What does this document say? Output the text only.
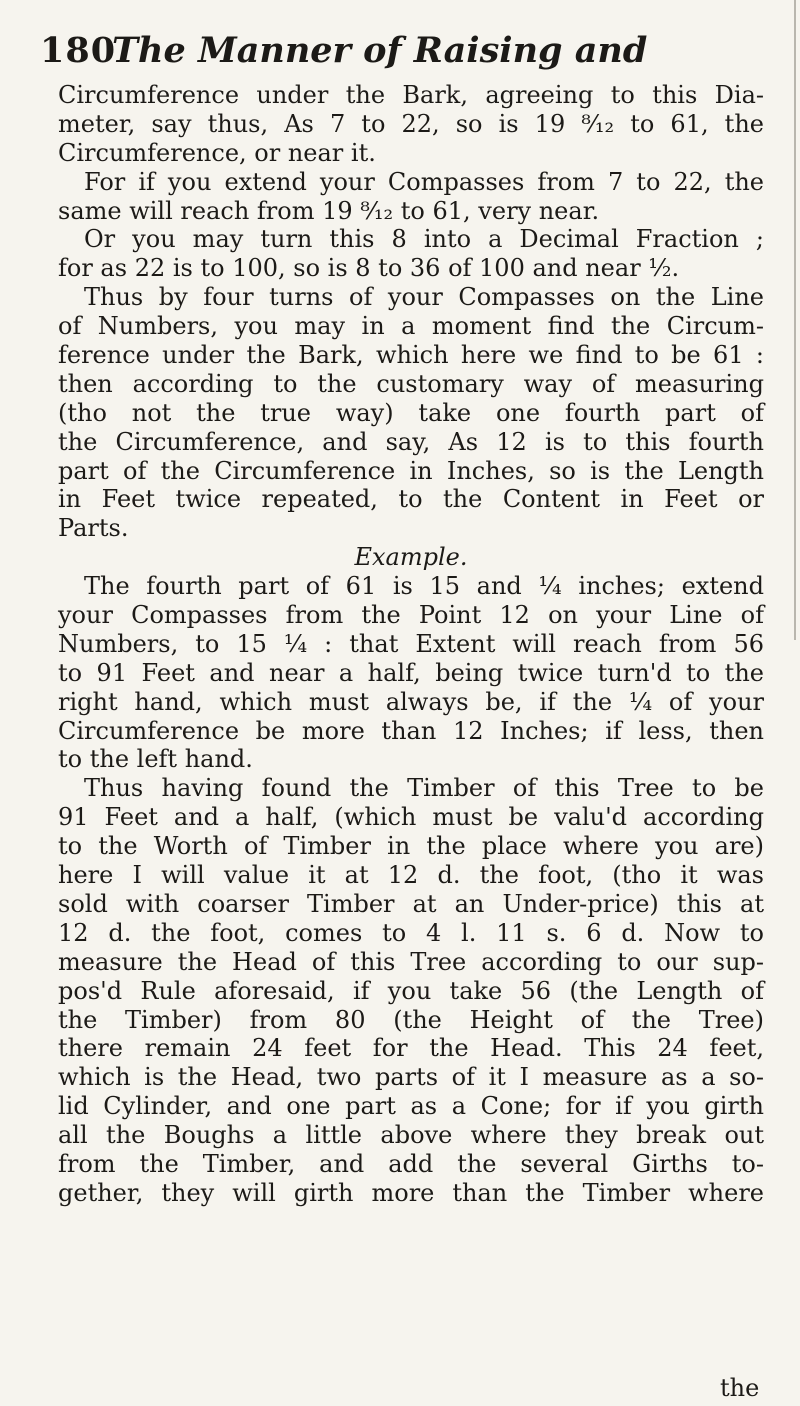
180
The Manner of Raising and
Circumference under the Bark, agreeing to this Dia-
meter, say thus, As 7 to 22, so is 19 ⁸⁄₁₂ to 61, the
Circumference, or near it.
For if you extend your Compasses from 7 to 22, the
same will reach from 19 ⁸⁄₁₂ to 61, very near.
Or you may turn this 8 into a Decimal Fraction ;
for as 22 is to 100, so is 8 to 36 of 100 and near ½.
Thus by four turns of your Compasses on the Line
of Numbers, you may in a moment find the Circum-
ference under the Bark, which here we find to be 61 :
then according to the customary way of measuring
(tho not the true way) take one fourth part of
the Circumference, and say, As 12 is to this fourth
part of the Circumference in Inches, so is the Length
in Feet twice repeated, to the Content in Feet or
Parts.
Example.
The fourth part of 61 is 15 and ¼ inches; extend
your Compasses from the Point 12 on your Line of
Numbers, to 15 ¼ : that Extent will reach from 56
to 91 Feet and near a half, being twice turn'd to the
right hand, which must always be, if the ¼ of your
Circumference be more than 12 Inches; if less, then
to the left hand.
Thus having found the Timber of this Tree to be
91 Feet and a half, (which must be valu'd according
to the Worth of Timber in the place where you are)
here I will value it at 12 d. the foot, (tho it was
sold with coarser Timber at an Under-price) this at
12 d. the foot, comes to 4 l. 11 s. 6 d. Now to
measure the Head of this Tree according to our sup-
pos'd Rule aforesaid, if you take 56 (the Length of
the Timber) from 80 (the Height of the Tree)
there remain 24 feet for the Head. This 24 feet,
which is the Head, two parts of it I measure as a so-
lid Cylinder, and one part as a Cone; for if you girth
all the Boughs a little above where they break out
from the Timber, and add the several Girths to-
gether, they will girth more than the Timber where
the
